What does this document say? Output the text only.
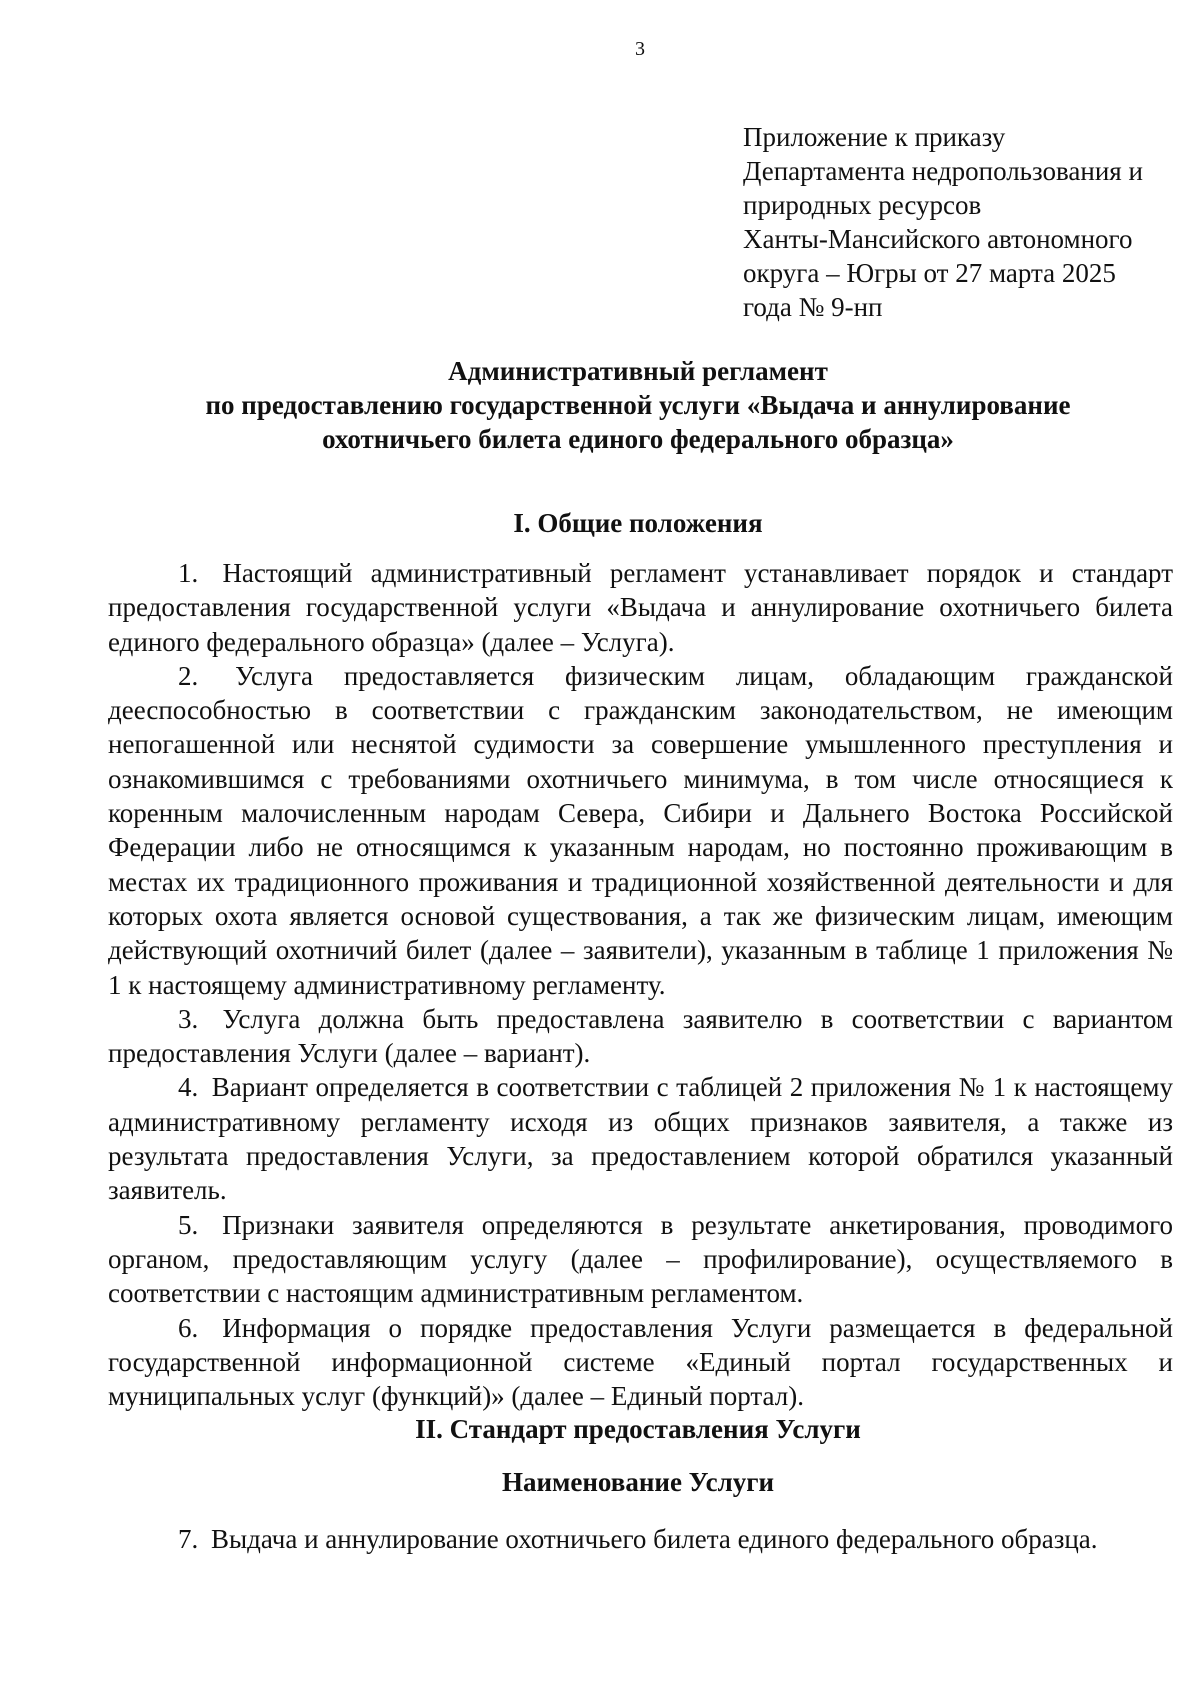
3
Приложение к приказу
Департамента недропользования и
природных ресурсов
Ханты-Мансийского автономного
округа – Югры от 27 марта 2025
года № 9-нп
Административный регламент
по предоставлению государственной услуги «Выдача и аннулирование
охотничьего билета единого федерального образца»
I. Общие положения

1. Настоящий административный регламент устанавливает порядок и стандарт предоставления государственной услуги «Выдача и аннулирование охотничьего билета единого федерального образца» (далее – Услуга).

2. Услуга предоставляется физическим лицам, обладающим гражданской дееспособностью в соответствии с гражданским законодательством, не имеющим непогашенной или неснятой судимости за совершение умышленного преступления и ознакомившимся с требованиями охотничьего минимума, в том числе относящиеся к коренным малочисленным народам Севера, Сибири и Дальнего Востока Российской Федерации либо не относящимся к указанным народам, но постоянно проживающим в местах их традиционного проживания и традиционной хозяйственной деятельности и для которых охота является основой существования, а так же физическим лицам, имеющим действующий охотничий билет (далее – заявители), указанным в таблице 1 приложения № 1 к настоящему административному регламенту.

3. Услуга должна быть предоставлена заявителю в соответствии с вариантом предоставления Услуги (далее – вариант).

4. Вариант определяется в соответствии с таблицей 2 приложения № 1 к настоящему административному регламенту исходя из общих признаков заявителя, а также из результата предоставления Услуги, за предоставлением которой обратился указанный заявитель.

5. Признаки заявителя определяются в результате анкетирования, проводимого органом, предоставляющим услугу (далее – профилирование), осуществляемого в соответствии с настоящим административным регламентом.

6. Информация о порядке предоставления Услуги размещается в федеральной государственной информационной системе «Единый портал государственных и муниципальных услуг (функций)» (далее – Единый портал).

II. Стандарт предоставления Услуги
Наименование Услуги
7. Выдача и аннулирование охотничьего билета единого федерального образца.
